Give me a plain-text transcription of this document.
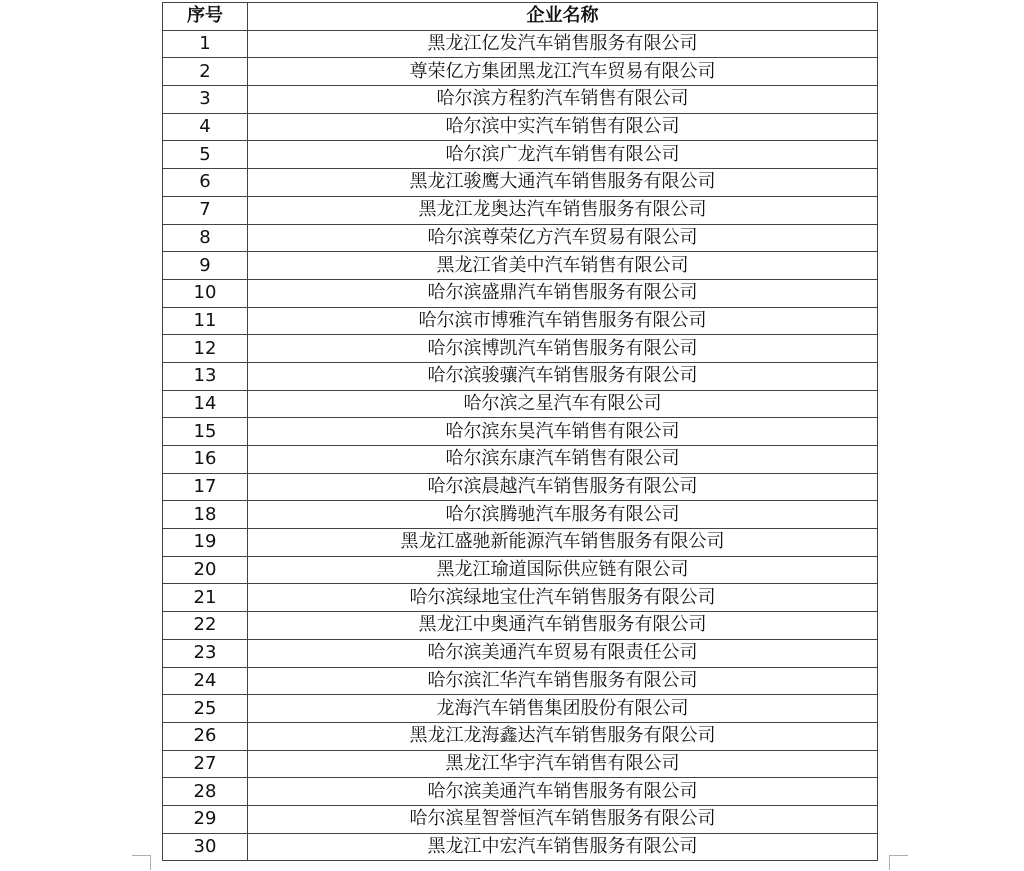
序号	企业名称
1	黑龙江亿发汽车销售服务有限公司
2	尊荣亿方集团黑龙江汽车贸易有限公司
3	哈尔滨方程豹汽车销售有限公司
4	哈尔滨中实汽车销售有限公司
5	哈尔滨广龙汽车销售有限公司
6	黑龙江骏鹰大通汽车销售服务有限公司
7	黑龙江龙奥达汽车销售服务有限公司
8	哈尔滨尊荣亿方汽车贸易有限公司
9	黑龙江省美中汽车销售有限公司
10	哈尔滨盛鼎汽车销售服务有限公司
11	哈尔滨市博雅汽车销售服务有限公司
12	哈尔滨博凯汽车销售服务有限公司
13	哈尔滨骏骧汽车销售服务有限公司
14	哈尔滨之星汽车有限公司
15	哈尔滨东昊汽车销售有限公司
16	哈尔滨东康汽车销售有限公司
17	哈尔滨晨越汽车销售服务有限公司
18	哈尔滨腾驰汽车服务有限公司
19	黑龙江盛驰新能源汽车销售服务有限公司
20	黑龙江瑜道国际供应链有限公司
21	哈尔滨绿地宝仕汽车销售服务有限公司
22	黑龙江中奥通汽车销售服务有限公司
23	哈尔滨美通汽车贸易有限责任公司
24	哈尔滨汇华汽车销售服务有限公司
25	龙海汽车销售集团股份有限公司
26	黑龙江龙海鑫达汽车销售服务有限公司
27	黑龙江华宇汽车销售有限公司
28	哈尔滨美通汽车销售服务有限公司
29	哈尔滨星智誉恒汽车销售服务有限公司
30	黑龙江中宏汽车销售服务有限公司
